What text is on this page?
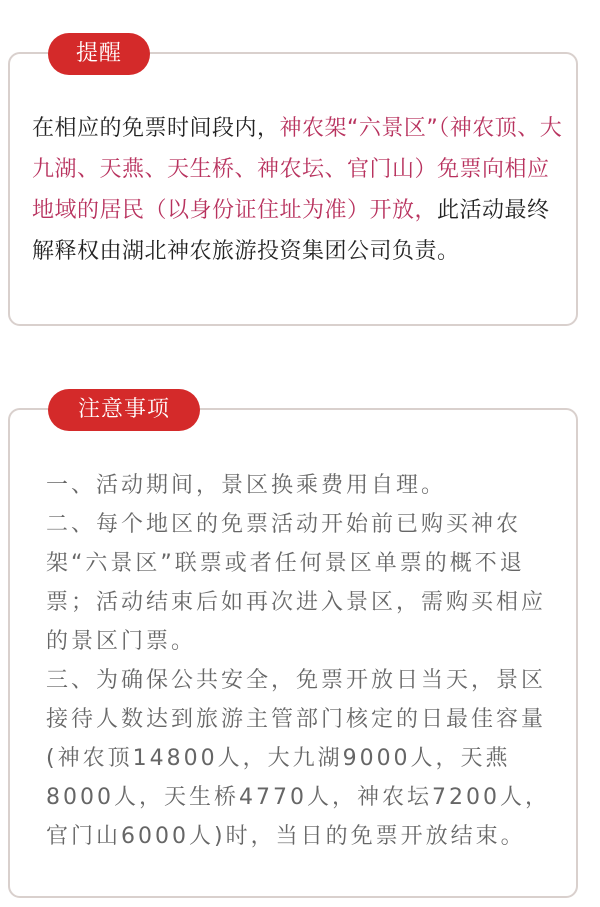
提醒

在相应的免票时间段内，神农架“六景区”（神农顶、大九湖、天燕、天生桥、神农坛、官门山）免票向相应地域的居民（以身份证住址为准）开放，此活动最终解释权由湖北神农旅游投资集团公司负责。

注意事项

一、活动期间，景区换乘费用自理。

二、每个地区的免票活动开始前已购买神农架“六景区”联票或者任何景区单票的概不退票；活动结束后如再次进入景区，需购买相应的景区门票。

三、为确保公共安全，免票开放日当天，景区接待人数达到旅游主管部门核定的日最佳容量(神农顶14800人，大九湖9000人，天燕8000人，天生桥4770人，神农坛7200人，官门山6000人)时，当日的免票开放结束。
